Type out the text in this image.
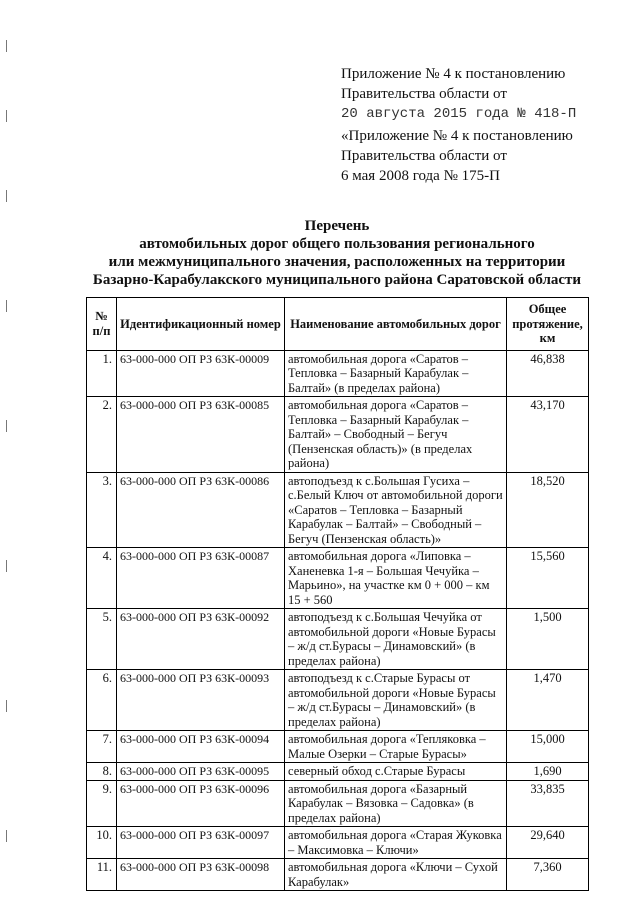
Приложение № 4 к постановлению
Правительства области от
20 августа 2015 года № 418-П
«Приложение № 4 к постановлению
Правительства области от
6 мая 2008 года № 175-П
Перечень
автомобильных дорог общего пользования регионального
или межмуниципального значения, расположенных на территории
Базарно-Карабулакского муниципального района Саратовской области
№ п/п	Идентификационный номер	Наименование автомобильных дорог	Общее протяжение, км
1.	63-000-000 ОП РЗ 63К-00009	автомобильная дорога «Саратов – Тепловка – Базарный Карабулак – Балтай» (в пределах района)	46,838
2.	63-000-000 ОП РЗ 63К-00085	автомобильная дорога «Саратов – Тепловка – Базарный Карабулак – Балтай» – Свободный – Бегуч (Пензенская область)» (в пределах района)	43,170
3.	63-000-000 ОП РЗ 63К-00086	автоподъезд к с.Большая Гусиха – с.Белый Ключ от автомобильной дороги «Саратов – Тепловка – Базарный Карабулак – Балтай» – Свободный – Бегуч (Пензенская область)»	18,520
4.	63-000-000 ОП РЗ 63К-00087	автомобильная дорога «Липовка – Ханеневка 1-я – Большая Чечуйка – Марьино», на участке км 0 + 000 – км 15 + 560	15,560
5.	63-000-000 ОП РЗ 63К-00092	автоподъезд к с.Большая Чечуйка от автомобильной дороги «Новые Бурасы – ж/д ст.Бурасы – Динамовский» (в пределах района)	1,500
6.	63-000-000 ОП РЗ 63К-00093	автоподъезд к с.Старые Бурасы от автомобильной дороги «Новые Бурасы – ж/д ст.Бурасы – Динамовский» (в пределах района)	1,470
7.	63-000-000 ОП РЗ 63К-00094	автомобильная дорога «Тепляковка – Малые Озерки – Старые Бурасы»	15,000
8.	63-000-000 ОП РЗ 63К-00095	северный обход с.Старые Бурасы	1,690
9.	63-000-000 ОП РЗ 63К-00096	автомобильная дорога «Базарный Карабулак – Вязовка – Садовка» (в пределах района)	33,835
10.	63-000-000 ОП РЗ 63К-00097	автомобильная дорога «Старая Жуковка – Максимовка – Ключи»	29,640
11.	63-000-000 ОП РЗ 63К-00098	автомобильная дорога «Ключи – Сухой Карабулак»	7,360
